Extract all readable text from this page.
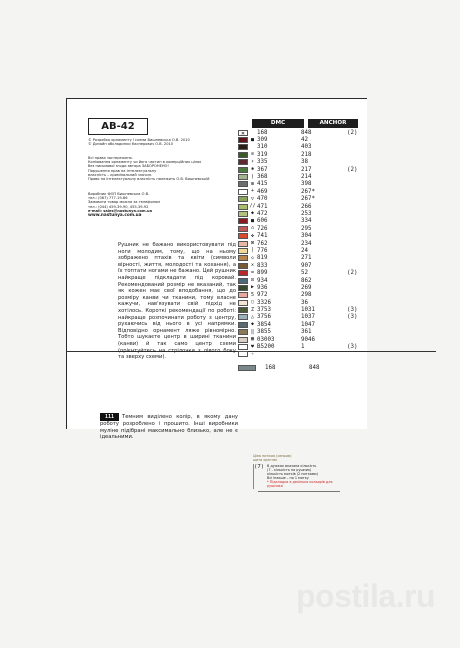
AB-42
© Розробка орнаменту і схеми Вишневська О.В. 2010
© Дизайн обкладинки Касперович О.В. 2010
Всі права застережено.
Копіювання орнаменту чи його частин в комерційних цілях
без письмової згоди автора ЗАБОРОНЕНО!
Порушення прав на інтелектуальну
власність – кримінальний злочин.
Право на інтелектуальну власність належить О.В. Вишневській
Виробник ФОП Вишневська О.В.
тел.: (067) 777-19-86
Замовити товар можна за телефоном
тел.: (044) 459-39-90, 455-39-92
e-mail: sales@nastunya.com.ua
www.nastunya.com.ua

Рушник не бажано використовувати під ноги молодим, тому, що на ньому зображено птахів та квіти (символи вірності, життя, молодості та кохання), а їх топтати ногами не бажано. Цей рушник найкраще підкладати під коровай. Рекомендований розмір не вказаний, так як кожен має свої вподобання, що до розміру канви чи тканини, тому власне кажучи, нав'язувати свій підхід не хотілось. Короткі рекомендації по роботі: найкраще розпочинати роботу з центру, рухаючись від нього в усі напрямки. Відповідно орнамент ляже рівномірно. Тобто шукаєте центр в ширині тканини (канви) й так само центр схеми (орієнтуйтесь на стрілочки з лівого боку та зверху схеми).

111 Темним виділено колір, в якому дану роботу розроблено і прошито. Інші виробники муліне підібрані максимально близько, але не є ідеальними.
DMC	ANCHOR
✕	168	848	(2)
■ 309	42
310	403
⊘ 319	218
♯ 335	38
✱ 367	217	(2)
( 368	214
⊞ 415	398
+ 469	267*
▽ 470	267*
// 471	266
◆ 472	253
■ 606	334
⌂ 726	295
✤ 741	304
⊠ 762	234
| 776	24
◇ 819	271
✕ 833	907
= 899	52	(2)
⊡ 934	862
▶ 936	269
5 972	298
▢ 3326	36
Z 3753	1031	(3)
△ 3756	1037	(3)
◆ 3854	1047
‖ 3855	361
▦ 03003	9046
♥ B5200	1	(3)
✧
168	848
Цією ниткою (синьою)
шити хрестик
В дужках вказана кількість
(7 - кількість на рушник)
кількість мотків (2 нитками)
Всі інакше – по 1 мотку
* Підкладка в декілька кольорів для рушника
(7)
postila.ru
